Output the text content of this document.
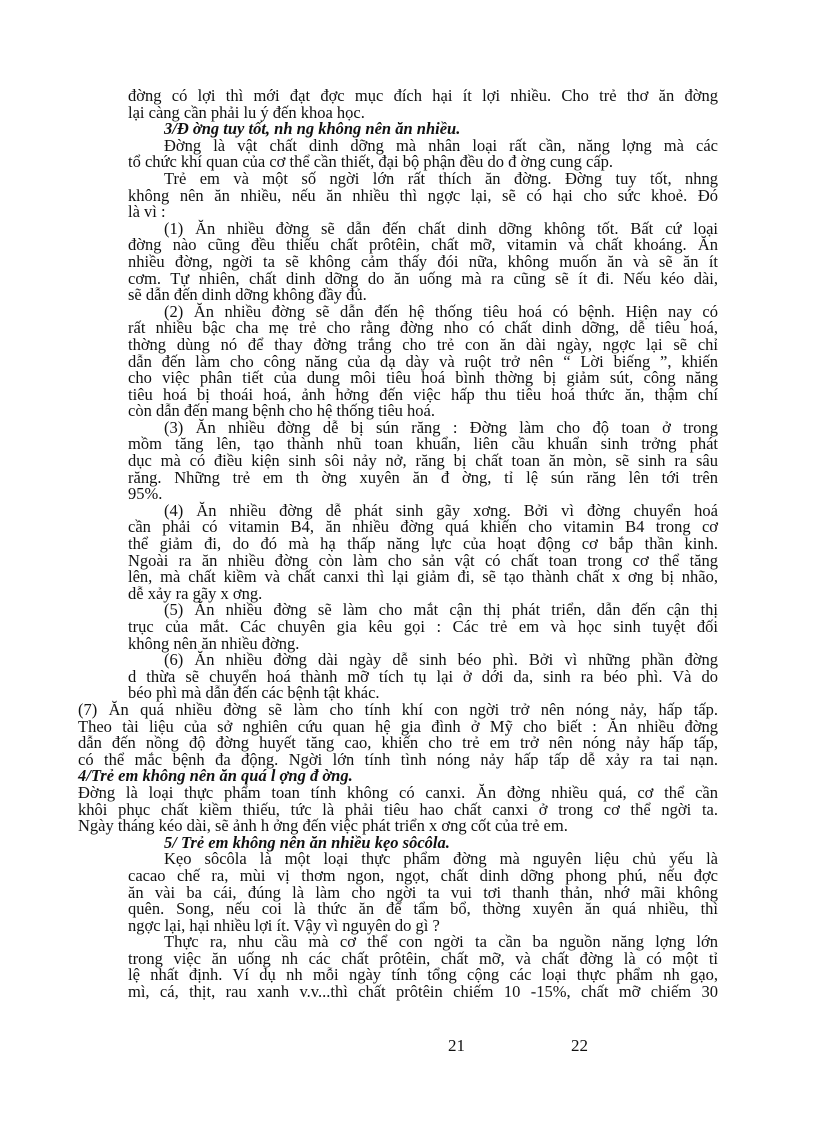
đờng có lợi thì mới đạt đợc mục đích hại ít lợi nhiều. Cho trẻ thơ ăn đờng
lại càng cần phải lu ý đến khoa học.
3/Đ ờng tuy tốt, nh ng không nên ăn nhiều.
Đờng là vật chất dinh dỡng mà nhân loại rất cần, năng lợng mà các
tổ chức khí quan của cơ thể cần thiết, đại bộ phận đều do đ ờng cung cấp.
Trẻ em và một số ngời lớn rất thích ăn đờng. Đờng tuy tốt, nhng
không nên ăn nhiều, nếu ăn nhiều thì ngợc lại, sẽ có hại cho sức khoẻ. Đó
là vì :
(1) Ăn nhiều đờng sẽ dẫn đến chất dinh dỡng không tốt. Bất cứ loại
đờng nào cũng đều thiếu chất prôtêin, chất mỡ, vitamin và chất khoáng. Ăn
nhiều đờng, ngời ta sẽ không cảm thấy đói nữa, không muốn ăn và sẽ ăn ít
cơm. Tự nhiên, chất dinh dỡng do ăn uống mà ra cũng sẽ ít đi. Nếu kéo dài,
sẽ dẫn đến dinh dỡng không đầy đủ.
(2) Ăn nhiều đờng sẽ dẫn đến hệ thống tiêu hoá có bệnh. Hiện nay có
rất nhiều bậc cha mẹ trẻ cho rằng đờng nho có chất dinh dỡng, dễ tiêu hoá,
thờng dùng nó để thay đờng trắng cho trẻ con ăn dài ngày, ngợc lại sẽ chỉ
dẫn đến làm cho công năng của dạ dày và ruột trở nên “ Lời biếng ”, khiến
cho việc phân tiết của dung môi tiêu hoá bình thờng bị giảm sút, công năng
tiêu hoá bị thoái hoá, ảnh hởng đến việc hấp thu tiêu hoá thức ăn, thậm chí
còn dẫn đến mang bệnh cho hệ thống tiêu hoá.
(3) Ăn nhiều đờng dễ bị sún răng : Đờng làm cho độ toan ở trong
mồm tăng lên, tạo thành nhũ toan khuẩn, liên cầu khuẩn sinh trởng phát
dục mà có điều kiện sinh sôi nảy nở, răng bị chất toan ăn mòn, sẽ sinh ra sâu
răng. Những trẻ em th ờng xuyên ăn đ ờng, tỉ lệ sún răng lên tới trên
95%.
(4) Ăn nhiều đờng dễ phát sinh gãy xơng. Bởi vì đờng chuyển hoá
cần phải có vitamin B4, ăn nhiều đờng quá khiến cho vitamin B4 trong cơ
thể giảm đi, do đó mà hạ thấp năng lực của hoạt động cơ bắp thần kinh.
Ngoài ra ăn nhiều đờng còn làm cho sản vật có chất toan trong cơ thể tăng
lên, mà chất kiềm và chất canxi thì lại giảm đi, sẽ tạo thành chất x ơng bị nhão,
dễ xảy ra gãy x ơng.
(5) Ăn nhiều đờng sẽ làm cho mắt cận thị phát triển, dẫn đến cận thị
trục của mắt. Các chuyên gia kêu gọi : Các trẻ em và học sinh tuyệt đối
không nên ăn nhiều đờng.
(6) Ăn nhiều đờng dài ngày dễ sinh béo phì. Bởi vì những phần đờng
d thừa sẽ chuyển hoá thành mỡ tích tụ lại ở dới da, sinh ra béo phì. Và do
béo phì mà dẫn đến các bệnh tật khác.
(7) Ăn quá nhiều đờng sẽ làm cho tính khí con ngời trở nên nóng nảy, hấp tấp.
Theo tài liệu của sở nghiên cứu quan hệ gia đình ở Mỹ cho biết : Ăn nhiều đờng
dẫn đến nồng độ đờng huyết tăng cao, khiến cho trẻ em trở nên nóng nảy hấp tấp,
có thể mắc bệnh đa động. Ngời lớn tính tình nóng nảy hấp tấp dễ xảy ra tai nạn.
4/Trẻ em không nên ăn quá l ợng đ ờng.
Đờng là loại thực phẩm toan tính không có canxi. Ăn đờng nhiều quá, cơ thể cần
khôi phục chất kiềm thiếu, tức là phải tiêu hao chất canxi ở trong cơ thể ngời ta.
Ngày tháng kéo dài, sẽ ảnh h ởng đến việc phát triển x ơng cốt của trẻ em.
5/ Trẻ em không nên ăn nhiều kẹo sôcôla.
Kẹo sôcôla là một loại thực phẩm đờng mà nguyên liệu chủ yếu là
cacao chế ra, mùi vị thơm ngon, ngọt, chất dinh dỡng phong phú, nếu đợc
ăn vài ba cái, đúng là làm cho ngời ta vui tơi thanh thản, nhớ mãi không
quên. Song, nếu coi là thức ăn để tẩm bổ, thờng xuyên ăn quá nhiều, thì
ngợc lại, hại nhiều lợi ít. Vậy vì nguyên do gì ?
Thực ra, nhu cầu mà cơ thể con ngời ta cần ba nguồn năng lợng lớn
trong việc ăn uống nh các chất prôtêin, chất mỡ, và chất đờng là có một tỉ
lệ nhất định. Ví dụ nh mỗi ngày tính tổng cộng các loại thực phẩm nh gạo,
mì, cá, thịt, rau xanh v.v...thì chất prôtêin chiếm 10 -15%, chất mỡ chiếm 30
21	22
